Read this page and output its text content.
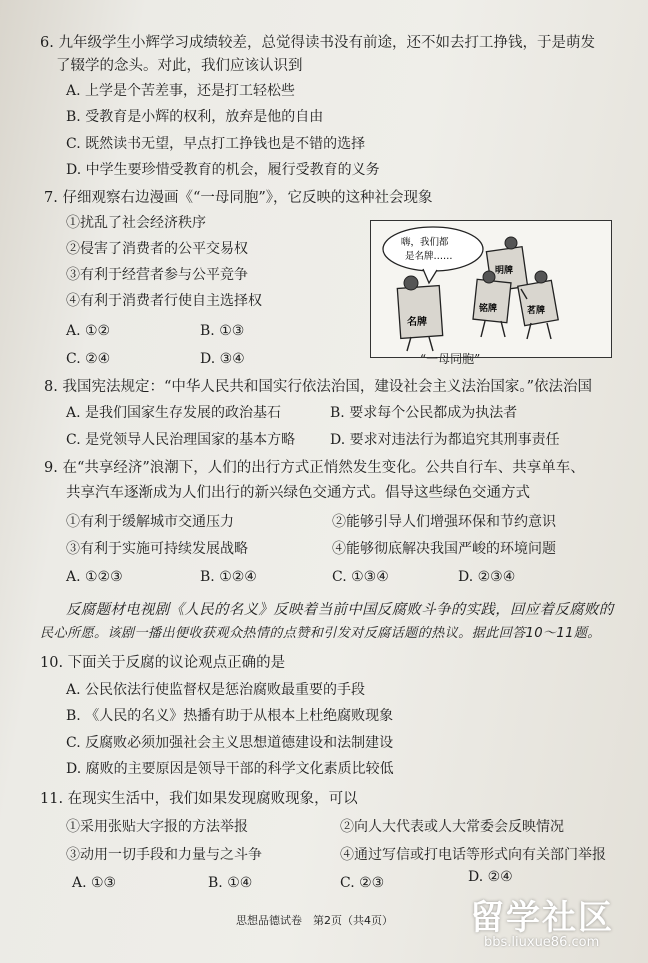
6. 九年级学生小辉学习成绩较差，总觉得读书没有前途，还不如去打工挣钱，于是萌发
了辍学的念头。对此，我们应该认识到
A. 上学是个苦差事，还是打工轻松些
B. 受教育是小辉的权利，放弃是他的自由
C. 既然读书无望，早点打工挣钱也是不错的选择
D. 中学生要珍惜受教育的机会，履行受教育的义务
7. 仔细观察右边漫画《“一母同胞”》，它反映的这种社会现象
①扰乱了社会经济秩序
②侵害了消费者的公平交易权
③有利于经营者参与公平竞争
④有利于消费者行使自主选择权
A. ①②	B. ①③
C. ②④	D. ③④
嗨，我们都
是名牌……
明牌
铭牌	茗牌
名牌
“一母同胞”
8. 我国宪法规定：“中华人民共和国实行依法治国，建设社会主义法治国家。”依法治国
A. 是我们国家生存发展的政治基石	B. 要求每个公民都成为执法者
C. 是党领导人民治理国家的基本方略 D. 要求对违法行为都追究其刑事责任
9. 在“共享经济”浪潮下，人们的出行方式正悄然发生变化。公共自行车、共享单车、
共享汽车逐渐成为人们出行的新兴绿色交通方式。倡导这些绿色交通方式
①有利于缓解城市交通压力	②能够引导人们增强环保和节约意识
③有利于实施可持续发展战略	④能够彻底解决我国严峻的环境问题
A. ①②③	B. ①②④	C. ①③④	D. ②③④
反腐题材电视剧《人民的名义》反映着当前中国反腐败斗争的实践，回应着反腐败的
民心所愿。该剧一播出便收获观众热情的点赞和引发对反腐话题的热议。据此回答10～11题。
10. 下面关于反腐的议论观点正确的是
A. 公民依法行使监督权是惩治腐败最重要的手段
B. 《人民的名义》热播有助于从根本上杜绝腐败现象
C. 反腐败必须加强社会主义思想道德建设和法制建设
D. 腐败的主要原因是领导干部的科学文化素质比较低
11. 在现实生活中，我们如果发现腐败现象，可以
①采用张贴大字报的方法举报	②向人大代表或人大常委会反映情况
③动用一切手段和力量与之斗争	④通过写信或打电话等形式向有关部门举报
A. ①③	B. ①④	C. ②③	D. ②④
思想品德试卷　第2页（共4页） 留学社区
bbs.liuxue86.com
